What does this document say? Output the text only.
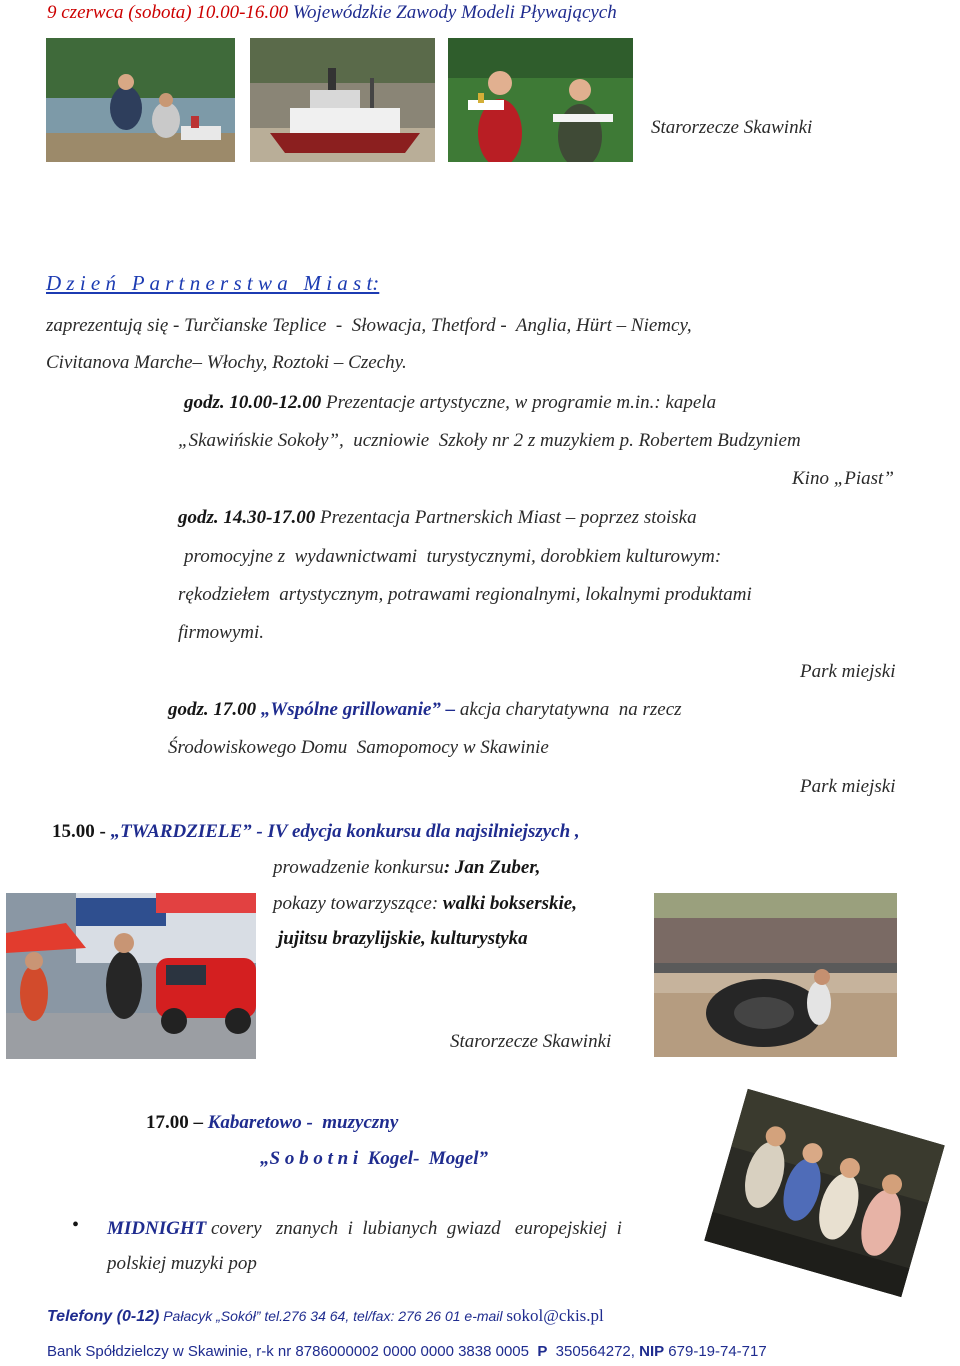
9 czerwca (sobota) 10.00-16.00 Wojewódzkie Zawody Modeli Pływających
Starorzecze Skawinki
D z i e ń   P a r t n e r s t w a   M i a s t:
zaprezentują się - Turčianske Teplice  -  Słowacja, Thetford -  Anglia, Hürt – Niemcy,
Civitanova Marche– Włochy, Roztoki – Czechy.
godz. 10.00-12.00 Prezentacje artystyczne, w programie m.in.: kapela
„Skawińskie Sokoły”,  uczniowie  Szkoły nr 2 z muzykiem p. Robertem Budzyniem
Kino „Piast”
godz. 14.30-17.00 Prezentacja Partnerskich Miast – poprzez stoiska
promocyjne z  wydawnictwami  turystycznymi, dorobkiem kulturowym:
rękodziełem  artystycznym, potrawami regionalnymi, lokalnymi produktami
firmowymi.
Park miejski
godz. 17.00 „Wspólne grillowanie” – akcja charytatywna  na rzecz
Środowiskowego Domu  Samopomocy w Skawinie
Park miejski
15.00 - „TWARDZIELE” - IV edycja konkursu dla najsilniejszych ,
prowadzenie konkursu: Jan Zuber,
pokazy towarzyszące: walki bokserskie,
jujitsu brazylijskie, kulturystyka
Starorzecze Skawinki
17.00 – Kabaretowo -  muzyczny
„S o b o t n i  Kogel-  Mogel”
• MIDNIGHT covery   znanych  i  lubianych  gwiazd   europejskiej  i
polskiej muzyki pop
Telefony (0-12) Pałacyk „Sokół” tel.276 34 64, tel/fax: 276 26 01 e-mail sokol@ckis.pl
Bank Spółdzielczy w Skawinie, r-k nr 8786000002 0000 0000 3838 0005  P  350564272, NIP 679-19-74-717
